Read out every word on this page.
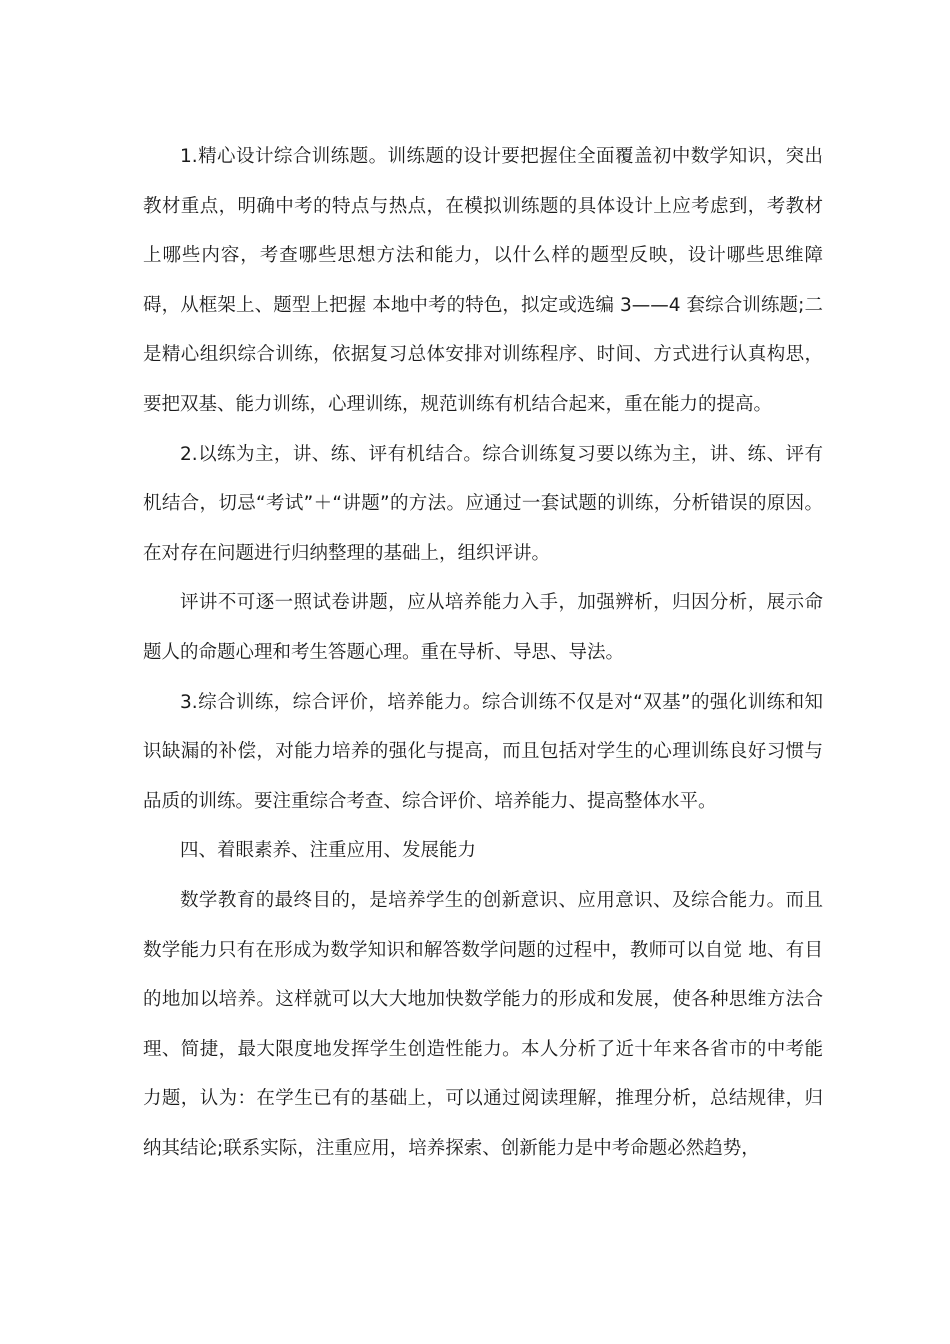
1.精心设计综合训练题。训练题的设计要把握住全面覆盖初中数学知识，突出教材重点，明确中考的特点与热点，在模拟训练题的具体设计上应考虑到，考教材上哪些内容，考查哪些思想方法和能力，以什么样的题型反映，设计哪些思维障碍，从框架上、题型上把握 本地中考的特色，拟定或选编 3——4 套综合训练题;二是精心组织综合训练，依据复习总体安排对训练程序、时间、方式进行认真构思，要把双基、能力训练，心理训练，规范训练有机结合起来，重在能力的提高。

2.以练为主，讲、练、评有机结合。综合训练复习要以练为主，讲、练、评有机结合，切忌“考试”＋“讲题”的方法。应通过一套试题的训练，分析错误的原因。在对存在问题进行归纳整理的基础上，组织评讲。

评讲不可逐一照试卷讲题，应从培养能力入手，加强辨析，归因分析，展示命题人的命题心理和考生答题心理。重在导析、导思、导法。

3.综合训练，综合评价，培养能力。综合训练不仅是对“双基”的强化训练和知识缺漏的补偿，对能力培养的强化与提高，而且包括对学生的心理训练良好习惯与品质的训练。要注重综合考查、综合评价、培养能力、提高整体水平。

四、着眼素养、注重应用、发展能力

数学教育的最终目的，是培养学生的创新意识、应用意识、及综合能力。而且数学能力只有在形成为数学知识和解答数学问题的过程中，教师可以自觉 地、有目的地加以培养。这样就可以大大地加快数学能力的形成和发展，使各种思维方法合理、简捷，最大限度地发挥学生创造性能力。本人分析了近十年来各省市的中考能力题，认为：在学生已有的基础上，可以通过阅读理解，推理分析，总结规律，归纳其结论;联系实际，注重应用，培养探索、创新能力是中考命题必然趋势，
